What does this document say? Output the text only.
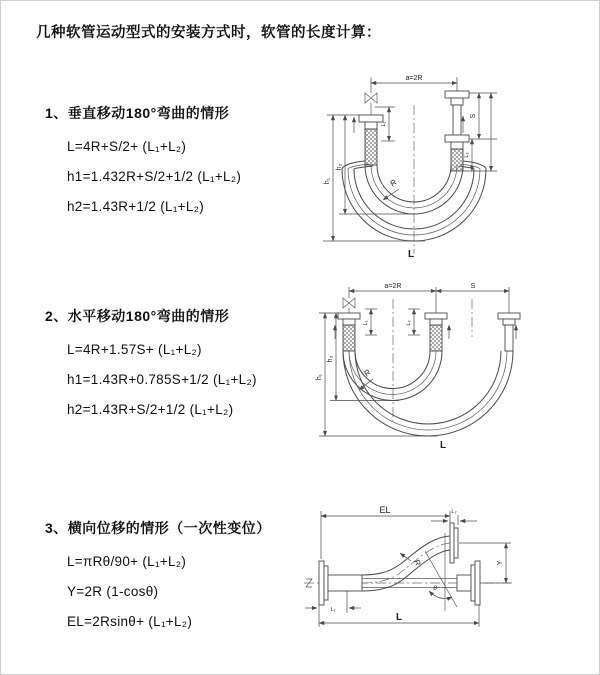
几种软管运动型式的安装方式时，软管的长度计算：
1、垂直移动180°弯曲的情形
L=4R+S/2+ (L₁+L₂)
h1=1.432R+S/2+1/2 (L₁+L₂)
h2=1.43R+1/2 (L₁+L₂)
2、水平移动180°弯曲的情形
L=4R+1.57S+ (L₁+L₂)
h1=1.43R+0.785S+1/2 (L₁+L₂)
h2=1.43R+S/2+1/2 (L₁+L₂)
3、横向位移的情形（一次性变位）
L=πRθ/90+ (L₁+L₂)
Y=2R (1-cosθ)
EL=2Rsinθ+ (L₁+L₂)
a=2R
L₁
S
L₂
h₁
h₂
R
L
a=2R	S
L₁	L₂
h₁
h₂
R
L
EL	L₂
Y
θ
R
L₁
L
